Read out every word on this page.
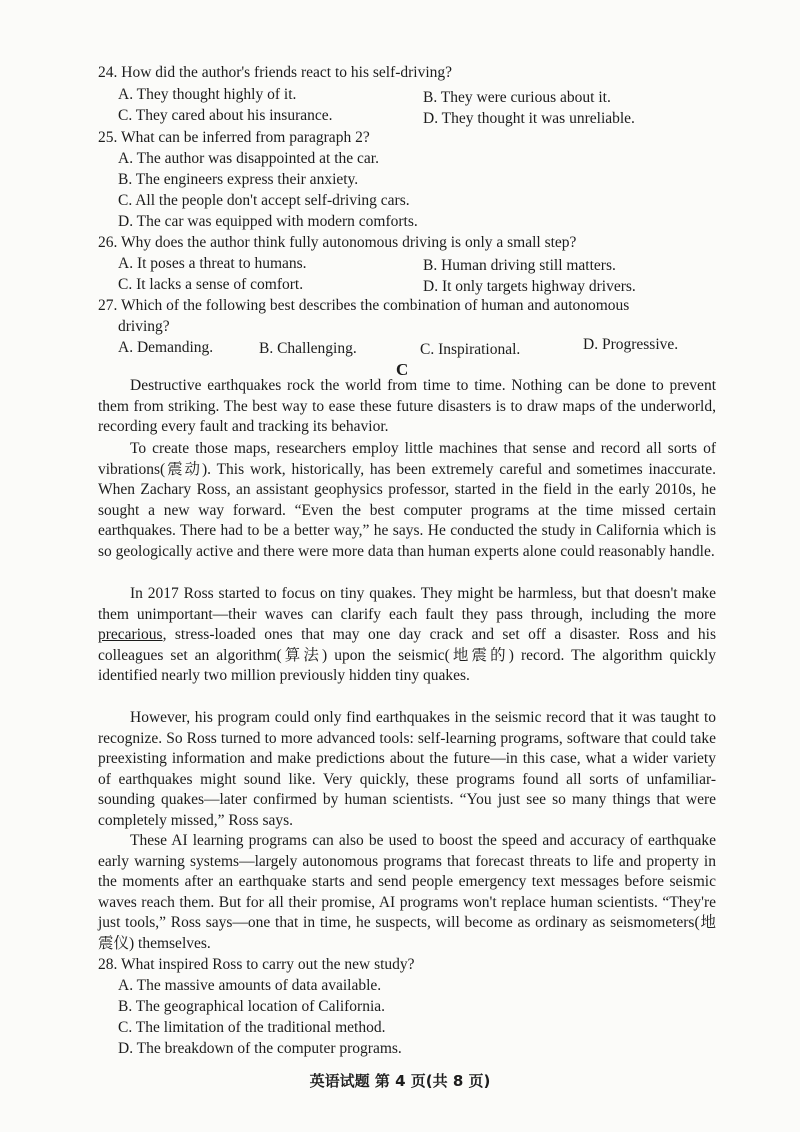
24. How did the author's friends react to his self-driving?
A. They thought highly of it.	B. They were curious about it.
C. They cared about his insurance.	D. They thought it was unreliable.
25. What can be inferred from paragraph 2?
A. The author was disappointed at the car.
B. The engineers express their anxiety.
C. All the people don't accept self-driving cars.
D. The car was equipped with modern comforts.
26. Why does the author think fully autonomous driving is only a small step?
A. It poses a threat to humans.	B. Human driving still matters.
C. It lacks a sense of comfort.	D. It only targets highway drivers.
27. Which of the following best describes the combination of human and autonomous
driving?
A. Demanding.	B. Challenging.	C. Inspirational.	D. Progressive.
C
Destructive earthquakes rock the world from time to time. Nothing can be done to prevent them from striking. The best way to ease these future disasters is to draw maps of the underworld, recording every fault and tracking its behavior.
To create those maps, researchers employ little machines that sense and record all sorts of vibrations(震动). This work, historically, has been extremely careful and sometimes inaccurate. When Zachary Ross, an assistant geophysics professor, started in the field in the early 2010s, he sought a new way forward. “Even the best computer programs at the time missed certain earthquakes. There had to be a better way,” he says. He conducted the study in California which is so geologically active and there were more data than human experts alone could reasonably handle.
In 2017 Ross started to focus on tiny quakes. They might be harmless, but that doesn't make them unimportant—their waves can clarify each fault they pass through, including the more precarious, stress-loaded ones that may one day crack and set off a disaster. Ross and his colleagues set an algorithm(算法) upon the seismic(地震的) record. The algorithm quickly identified nearly two million previously hidden tiny quakes.
However, his program could only find earthquakes in the seismic record that it was taught to recognize. So Ross turned to more advanced tools: self-learning programs, software that could take preexisting information and make predictions about the future—in this case, what a wider variety of earthquakes might sound like. Very quickly, these programs found all sorts of unfamiliar-sounding quakes—later confirmed by human scientists. “You just see so many things that were completely missed,” Ross says.
These AI learning programs can also be used to boost the speed and accuracy of earthquake early warning systems—largely autonomous programs that forecast threats to life and property in the moments after an earthquake starts and send people emergency text messages before seismic waves reach them. But for all their promise, AI programs won't replace human scientists. “They're just tools,” Ross says—one that in time, he suspects, will become as ordinary as seismometers(地震仪) themselves.
28. What inspired Ross to carry out the new study?
A. The massive amounts of data available.
B. The geographical location of California.
C. The limitation of the traditional method.
D. The breakdown of the computer programs.
英语试题 第 4 页(共 8 页)
